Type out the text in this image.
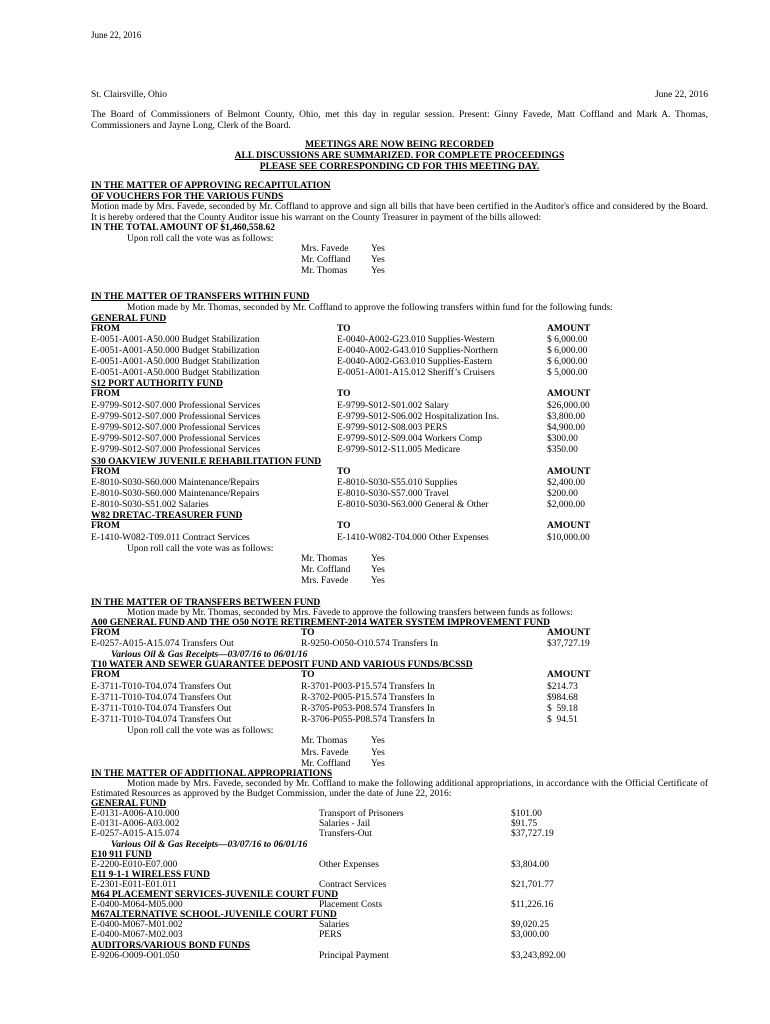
June 22, 2016
St. Clairsville, Ohio	June 22, 2016
The Board of Commissioners of Belmont County, Ohio, met this day in regular session. Present: Ginny Favede, Matt Coffland and Mark A. Thomas, Commissioners and Jayne Long, Clerk of the Board.
MEETINGS ARE NOW BEING RECORDED
ALL DISCUSSIONS ARE SUMMARIZED. FOR COMPLETE PROCEEDINGS
PLEASE SEE CORRESPONDING CD FOR THIS MEETING DAY.
IN THE MATTER OF APPROVING RECAPITULATION
OF VOUCHERS FOR THE VARIOUS FUNDS
Motion made by Mrs. Favede, seconded by Mr. Coffland to approve and sign all bills that have been certified in the Auditor's office and considered by the Board. It is hereby ordered that the County Auditor issue his warrant on the County Treasurer in payment of the bills allowed:
IN THE TOTAL AMOUNT OF $1,460,558.62
Upon roll call the vote was as follows:
Mrs. Favede	Yes
Mr. Coffland	Yes
Mr. Thomas	Yes
IN THE MATTER OF TRANSFERS WITHIN FUND
Motion made by Mr. Thomas, seconded by Mr. Coffland to approve the following transfers within fund for the following funds:
GENERAL FUND
FROM	TO	AMOUNT
E-0051-A001-A50.000 Budget Stabilization	E-0040-A002-G23.010 Supplies-Western	$ 6,000.00
E-0051-A001-A50.000 Budget Stabilization	E-0040-A002-G43.010 Supplies-Northern	$ 6,000.00
E-0051-A001-A50.000 Budget Stabilization	E-0040-A002-G63.010 Supplies-Eastern	$ 6,000.00
E-0051-A001-A50.000 Budget Stabilization	E-0051-A001-A15.012 Sheriff’s Cruisers	$ 5,000.00
S12 PORT AUTHORITY FUND
FROM	TO	AMOUNT
E-9799-S012-S07.000 Professional Services	E-9799-S012-S01.002 Salary	$26,000.00
E-9799-S012-S07.000 Professional Services	E-9799-S012-S06.002 Hospitalization Ins.	$3,800.00
E-9799-S012-S07.000 Professional Services	E-9799-S012-S08.003 PERS	$4,900.00
E-9799-S012-S07.000 Professional Services	E-9799-S012-S09.004 Workers Comp	$300.00
E-9799-S012-S07.000 Professional Services	E-9799-S012-S11.005 Medicare	$350.00
S30 OAKVIEW JUVENILE REHABILITATION FUND
FROM	TO	AMOUNT
E-8010-S030-S60.000 Maintenance/Repairs	E-8010-S030-S55.010 Supplies	$2,400.00
E-8010-S030-S60.000 Maintenance/Repairs	E-8010-S030-S57.000 Travel	$200.00
E-8010-S030-S51.002 Salaries	E-8010-S030-S63.000 General & Other	$2,000.00
W82 DRETAC-TREASURER FUND
FROM	TO	AMOUNT
E-1410-W082-T09.011 Contract Services	E-1410-W082-T04.000 Other Expenses	$10,000.00
Upon roll call the vote was as follows:
Mr. Thomas	Yes
Mr. Coffland	Yes
Mrs. Favede	Yes
IN THE MATTER OF TRANSFERS BETWEEN FUND
Motion made by Mr. Thomas, seconded by Mrs. Favede to approve the following transfers between funds as follows:
A00 GENERAL FUND AND THE O50 NOTE RETIREMENT-2014 WATER SYSTEM IMPROVEMENT FUND
FROM	TO	AMOUNT
E-0257-A015-A15.074 Transfers Out	R-9250-O050-O10.574 Transfers In	$37,727.19
Various Oil & Gas Receipts—03/07/16 to 06/01/16
T10 WATER AND SEWER GUARANTEE DEPOSIT FUND AND VARIOUS FUNDS/BCSSD
FROM	TO	AMOUNT
E-3711-T010-T04.074 Transfers Out	R-3701-P003-P15.574 Transfers In	$214.73
E-3711-T010-T04.074 Transfers Out	R-3702-P005-P15.574 Transfers In	$984.68
E-3711-T010-T04.074 Transfers Out	R-3705-P053-P08.574 Transfers In	$  59.18
E-3711-T010-T04.074 Transfers Out	R-3706-P055-P08.574 Transfers In	$  94.51
Upon roll call the vote was as follows:
Mr. Thomas	Yes
Mrs. Favede	Yes
Mr. Coffland	Yes
IN THE MATTER OF ADDITIONAL APPROPRIATIONS
Motion made by Mrs. Favede, seconded by Mr. Coffland to make the following additional appropriations, in accordance with the Official Certificate of Estimated Resources as approved by the Budget Commission, under the date of June 22, 2016:
GENERAL FUND
E-0131-A006-A10.000	Transport of Prisoners	$101.00
E-0131-A006-A03.002	Salaries - Jail	$91.75
E-0257-A015-A15.074	Transfers-Out	$37,727.19
Various Oil & Gas Receipts—03/07/16 to 06/01/16
E10 911 FUND
E-2200-E010-E07.000	Other Expenses	$3,804.00
E11 9-1-1 WIRELESS FUND
E-2301-E011-E01.011	Contract Services	$21,701.77
M64 PLACEMENT SERVICES-JUVENILE COURT FUND
E-0400-M064-M05.000	Placement Costs	$11,226.16
M67ALTERNATIVE SCHOOL-JUVENILE COURT FUND
E-0400-M067-M01.002	Salaries	$9,020.25
E-0400-M067-M02.003	PERS	$3,000.00
AUDITORS/VARIOUS BOND FUNDS
E-9206-O009-O01.050	Principal Payment	$3,243,892.00
